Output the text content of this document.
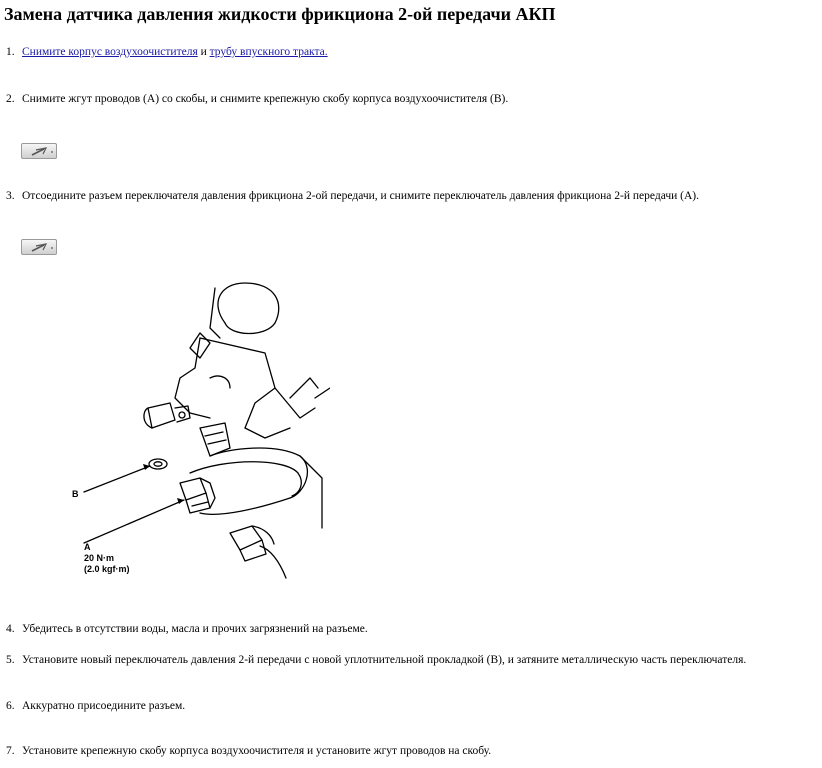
Замена датчика давления жидкости фрикциона 2-ой передачи АКП
1. Снимите корпус воздухоочистителя и трубу впускного тракта.
2. Снимите жгут проводов (А) со скобы, и снимите крепежную скобу корпуса воздухоочистителя (В).
3. Отсоедините разъем переключателя давления фрикциона 2-ой передачи, и снимите переключатель давления фрикциона 2-й передачи (А).
B
A
20 N·m
(2.0 kgf·m)
4. Убедитесь в отсутствии воды, масла и прочих загрязнений на разъеме.
5. Установите новый переключатель давления 2-й передачи с новой уплотнительной прокладкой (В), и затяните металлическую часть переключателя.
6. Аккуратно присоедините разъем.
7. Установите крепежную скобу корпуса воздухоочистителя и установите жгут проводов на скобу.
